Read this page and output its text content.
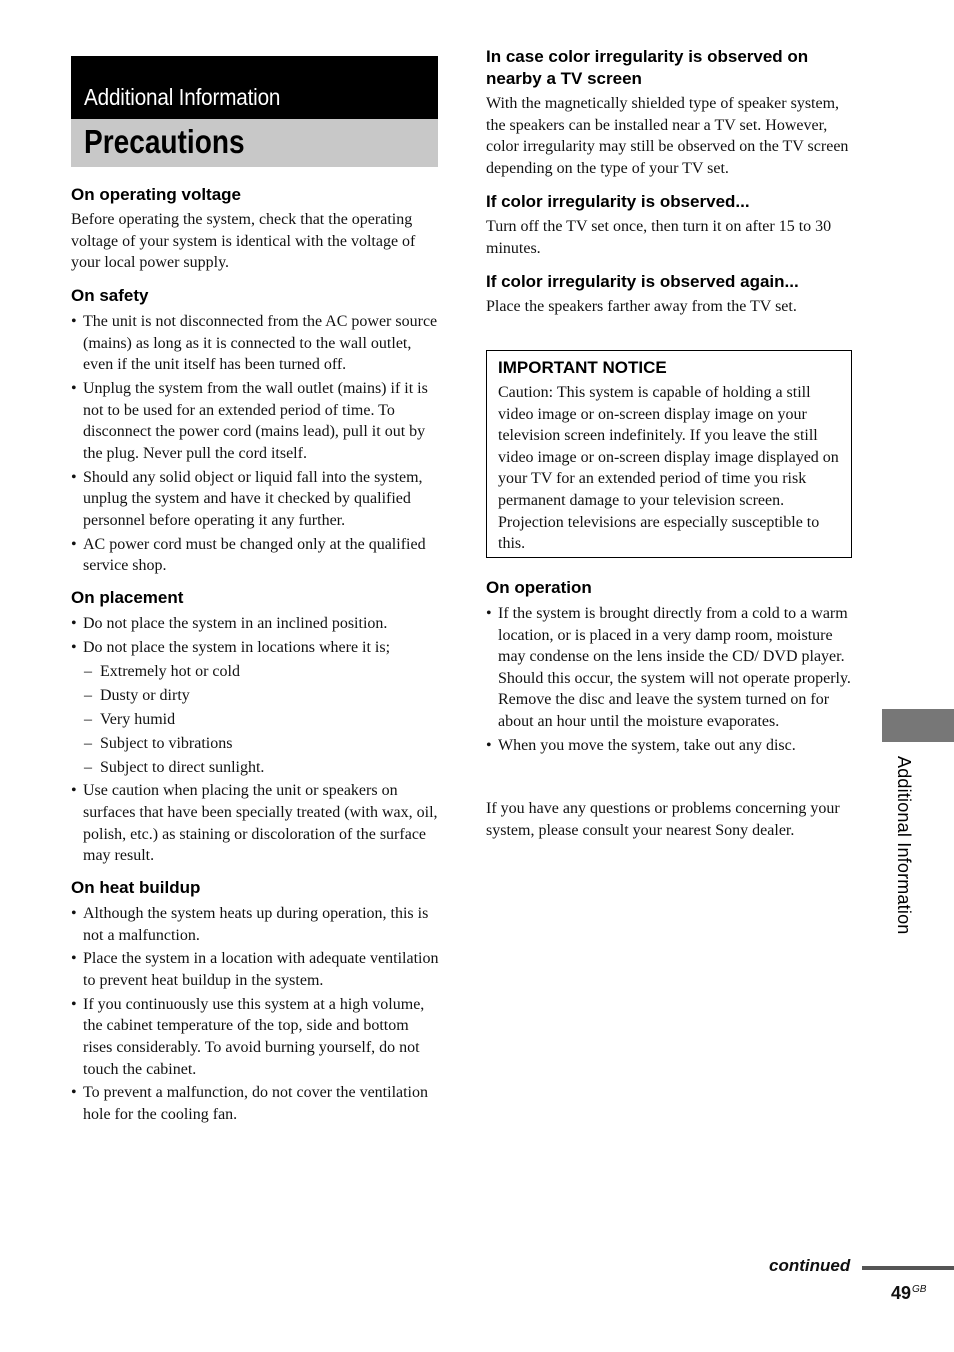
Additional Information
Precautions
On operating voltage

Before operating the system, check that the operating voltage of your system is identical with the voltage of your local power supply.

On safety
• The unit is not disconnected from the AC power source (mains) as long as it is connected to the wall outlet, even if the unit itself has been turned off.
• Unplug the system from the wall outlet (mains) if it is not to be used for an extended period of time. To disconnect the power cord (mains lead), pull it out by the plug. Never pull the cord itself.
• Should any solid object or liquid fall into the system, unplug the system and have it checked by qualified personnel before operating it any further.
• AC power cord must be changed only at the qualified service shop.
On placement
• Do not place the system in an inclined position.
• Do not place the system in locations where it is;
– Extremely hot or cold
– Dusty or dirty
– Very humid
– Subject to vibrations
– Subject to direct sunlight.
• Use caution when placing the unit or speakers on surfaces that have been specially treated (with wax, oil, polish, etc.) as staining or discoloration of the surface may result.
On heat buildup
• Although the system heats up during operation, this is not a malfunction.
• Place the system in a location with adequate ventilation to prevent heat buildup in the system.
• If you continuously use this system at a high volume, the cabinet temperature of the top, side and bottom rises considerably. To avoid burning yourself, do not touch the cabinet.
• To prevent a malfunction, do not cover the ventilation hole for the cooling fan.
In case color irregularity is observed on nearby a TV screen

With the magnetically shielded type of speaker system, the speakers can be installed near a TV set. However, color irregularity may still be observed on the TV screen depending on the type of your TV set.

If color irregularity is observed...

Turn off the TV set once, then turn it on after 15 to 30 minutes.

If color irregularity is observed again...

Place the speakers farther away from the TV set.

IMPORTANT NOTICE

Caution: This system is capable of holding a still video image or on-screen display image on your television screen indefinitely. If you leave the still video image or on-screen display image displayed on your TV for an extended period of time you risk permanent damage to your television screen. Projection televisions are especially susceptible to this.

On operation
• If the system is brought directly from a cold to a warm location, or is placed in a very damp room, moisture may condense on the lens inside the CD/ DVD player. Should this occur, the system will not operate properly. Remove the disc and leave the system turned on for about an hour until the moisture evaporates.
• When you move the system, take out any disc.

If you have any questions or problems concerning your system, please consult your nearest Sony dealer.	Additional Information
continued
$49^{GB}$
